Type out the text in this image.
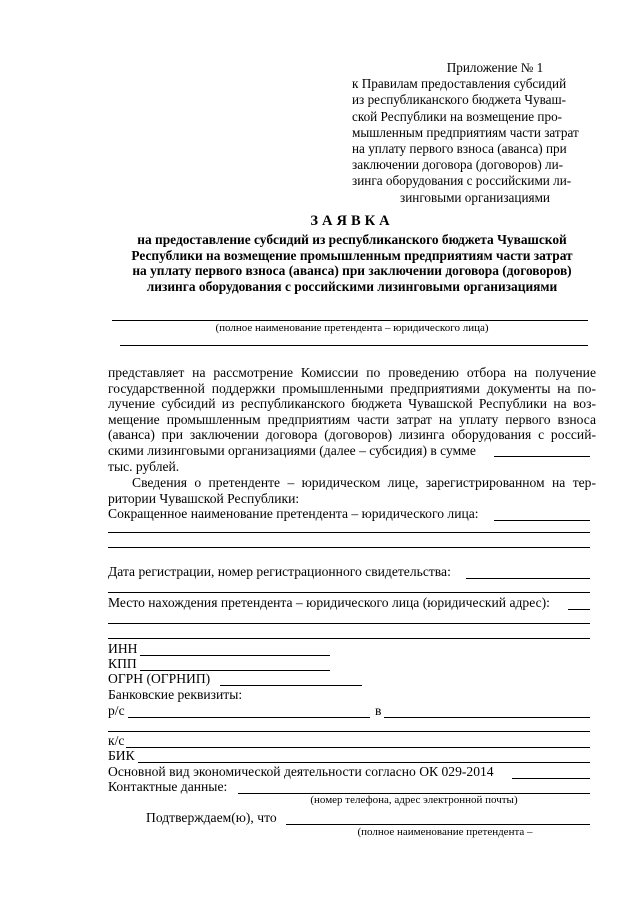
Приложение № 1
к Правилам предоставления субсидий
из республиканского бюджета Чуваш-
ской Республики на возмещение про-
мышленным предприятиям части затрат
на уплату первого взноса (аванса) при
заключении договора (договоров) ли-
зинга оборудования с российскими ли-
зинговыми организациями
ЗАЯВКА
на предоставление субсидий из республиканского бюджета Чувашской
Республики на возмещение промышленным предприятиям части затрат
на уплату первого взноса (аванса) при заключении договора (договоров)
лизинга оборудования с российскими лизинговыми организациями
(полное наименование претендента – юридического лица)
представляет на рассмотрение Комиссии по проведению отбора на получение
государственной поддержки промышленными предприятиями документы на по-
лучение субсидий из республиканского бюджета Чувашской Республики на воз-
мещение промышленным предприятиям части затрат на уплату первого взноса
(аванса) при заключении договора (договоров) лизинга оборудования с россий-
скими лизинговыми организациями (далее – субсидия) в сумме
тыс. рублей.
Сведения о претенденте – юридическом лице, зарегистрированном на тер-
ритории Чувашской Республики:
Сокращенное наименование претендента – юридического лица:
Дата регистрации, номер регистрационного свидетельства:
Место нахождения претендента – юридического лица (юридический адрес):
ИНН
КПП
ОГРН (ОГРНИП)
Банковские реквизиты:
р/с	в
к/с
БИК
Основной вид экономической деятельности согласно ОК 029-2014
Контактные данные:
(номер телефона, адрес электронной почты)
Подтверждаем(ю), что
(полное наименование претендента –
